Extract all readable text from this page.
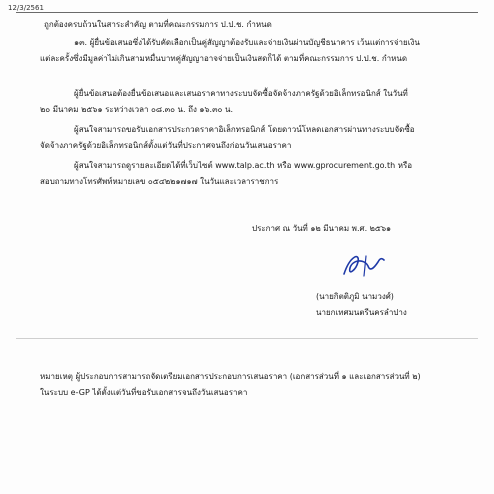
12/3/2561
ถูกต้องครบถ้วนในสาระสำคัญ ตามที่คณะกรรมการ ป.ป.ช. กำหนด
๑๓. ผู้ยื่นข้อเสนอซึ่งได้รับคัดเลือกเป็นคู่สัญญาต้องรับและจ่ายเงินผ่านบัญชีธนาคาร เว้นแต่การจ่ายเงิน
แต่ละครั้งซึ่งมีมูลค่าไม่เกินสามหมื่นบาทคู่สัญญาอาจจ่ายเป็นเงินสดก็ได้ ตามที่คณะกรรมการ ป.ป.ช. กำหนด
ผู้ยื่นข้อเสนอต้องยื่นข้อเสนอและเสนอราคาทางระบบจัดซื้อจัดจ้างภาครัฐด้วยอิเล็กทรอนิกส์ ในวันที่
๒๐ มีนาคม ๒๕๖๑ ระหว่างเวลา ๐๘.๓๐ น. ถึง ๑๖.๓๐ น.
ผู้สนใจสามารถขอรับเอกสารประกวดราคาอิเล็กทรอนิกส์ โดยดาวน์โหลดเอกสารผ่านทางระบบจัดซื้อ
จัดจ้างภาครัฐด้วยอิเล็กทรอนิกส์ตั้งแต่วันที่ประกาศจนถึงก่อนวันเสนอราคา
ผู้สนใจสามารถดูรายละเอียดได้ที่เว็บไซต์ www.talp.ac.th หรือ www.gprocurement.go.th หรือ
สอบถามทางโทรศัพท์หมายเลข ๐๕๔๒๒๑๗๑๗ ในวันและเวลาราชการ
ประกาศ ณ วันที่ ๑๒ มีนาคม พ.ศ. ๒๕๖๑
(นายกิตติภูมิ นามวงศ์)
นายกเทศมนตรีนครลำปาง
หมายเหตุ ผู้ประกอบการสามารถจัดเตรียมเอกสารประกอบการเสนอราคา (เอกสารส่วนที่ ๑ และเอกสารส่วนที่ ๒)
ในระบบ e-GP ได้ตั้งแต่วันที่ขอรับเอกสารจนถึงวันเสนอราคา
